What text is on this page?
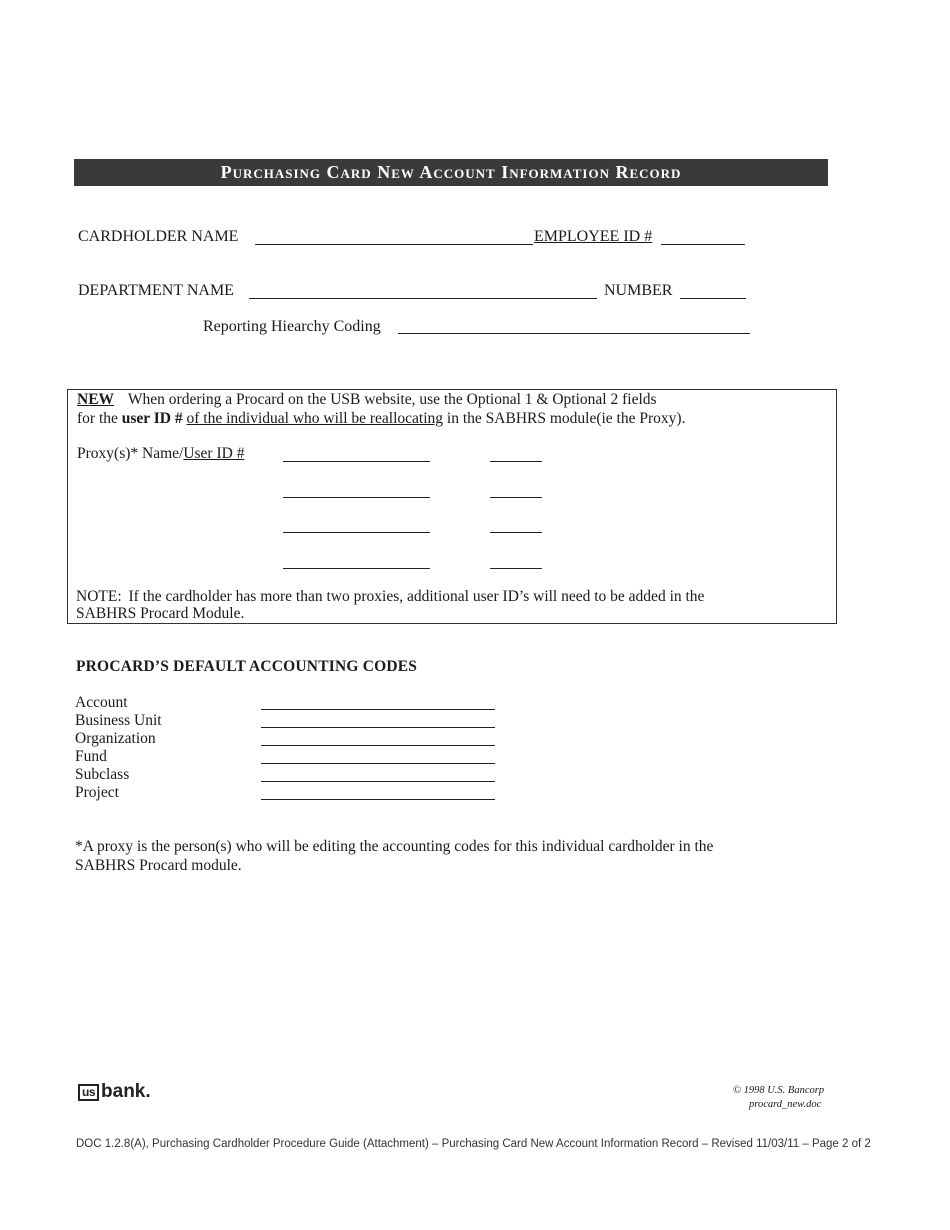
Purchasing Card New Account Information Record
CARDHOLDER NAME	EMPLOYEE ID #
DEPARTMENT NAME	NUMBER
Reporting Hiearchy Coding
NEW When ordering a Procard on the USB website, use the Optional 1 & Optional 2 fields
for the user ID # of the individual who will be reallocating in the SABHRS module(ie the Proxy).
Proxy(s)* Name/User ID #
NOTE: If the cardholder has more than two proxies, additional user ID’s will need to be added in the
SABHRS Procard Module.
PROCARD’S DEFAULT ACCOUNTING CODES
Account
Business Unit
Organization
Fund
Subclass
Project
*A proxy is the person(s) who will be editing the accounting codes for this individual cardholder in the
SABHRS Procard module.
us bank.	© 1998 U.S. Bancorp
procard_new.doc
DOC 1.2.8(A), Purchasing Cardholder Procedure Guide (Attachment) – Purchasing Card New Account Information Record – Revised 11/03/11 – Page 2 of 2
